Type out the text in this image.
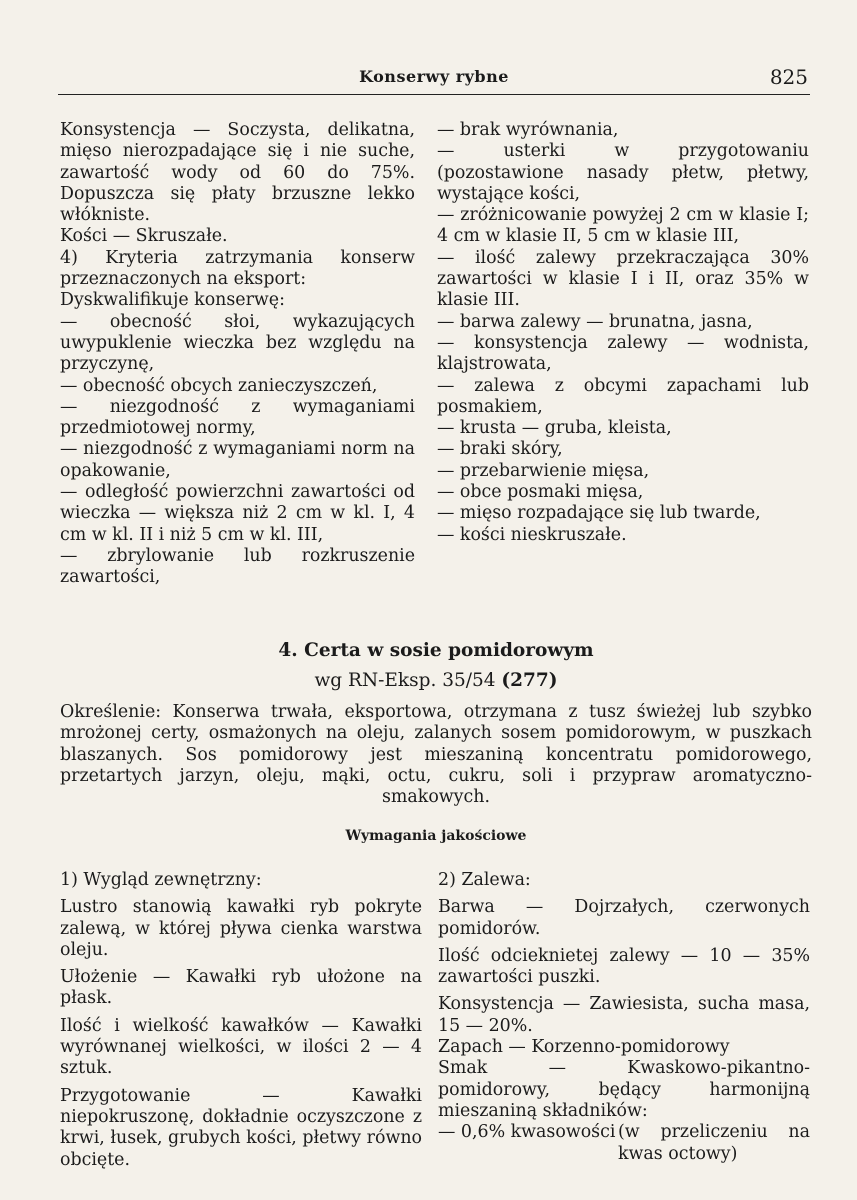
Konserwy rybne	825

Konsystencja — Soczysta, delikatna, mięso nierozpadające się i nie suche, zawartość wody od 60 do 75%. Dopuszcza się płaty brzuszne lekko włókniste.

Kości — Skruszałe.

4) Kryteria zatrzymania konserw przeznaczonych na eksport:

Dyskwalifikuje konserwę:

— obecność słoi, wykazujących uwypuklenie wieczka bez względu na przyczynę,

— obecność obcych zanieczyszczeń,

— niezgodność z wymaganiami przedmiotowej normy,

— niezgodność z wymaganiami norm na opakowanie,

— odległość powierzchni zawartości od wieczka — większa niż 2 cm w kl. I, 4 cm w kl. II i niż 5 cm w kl. III,

— zbrylowanie lub rozkruszenie zawartości,

— brak wyrównania,

— usterki w przygotowaniu (pozostawione nasady płetw, płetwy, wystające kości,

— zróżnicowanie powyżej 2 cm w klasie I; 4 cm w klasie II, 5 cm w klasie III,

— ilość zalewy przekraczająca 30% zawartości w klasie I i II, oraz 35% w klasie III.

— barwa zalewy — brunatna, jasna,

— konsystencja zalewy — wodnista, klajstrowata,

— zalewa z obcymi zapachami lub posmakiem,

— krusta — gruba, kleista,

— braki skóry,

— przebarwienie mięsa,

— obce posmaki mięsa,

— mięso rozpadające się lub twarde,

— kości nieskruszałe.

4. Certa w sosie pomidorowym
wg RN-Eksp. 35/54 (277)

Określenie: Konserwa trwała, eksportowa, otrzymana z tusz świeżej lub szybko mrożonej certy, osmażonych na oleju, zalanych sosem pomidorowym, w puszkach blaszanych. Sos pomidorowy jest mieszaniną koncentratu pomidorowego, przetartych jarzyn, oleju, mąki, octu, cukru, soli i przypraw aromatyczno-smakowych.

Wymagania jakościowe

1) Wygląd zewnętrzny:

Lustro stanowią kawałki ryb pokryte zalewą, w której pływa cienka warstwa oleju.

Ułożenie — Kawałki ryb ułożone na płask.

Ilość i wielkość kawałków — Kawałki wyrównanej wielkości, w ilości 2 — 4 sztuk.

Przygotowanie — Kawałki niepokruszonę, dokładnie oczyszczone z krwi, łusek, grubych kości, płetwy równo obcięte.

2) Zalewa:

Barwa — Dojrzałych, czerwonych pomidorów.

Ilość odcieknietej zalewy — 10 — 35% zawartości puszki.

Konsystencja — Zawiesista, sucha masa, 15 — 20%.

Zapach — Korzenno-pomidorowy

Smak — Kwaskowo-pikantno-pomidorowy, będący harmonijną mieszaniną składników:

— 0,6% kwasowości (w przeliczeniu na kwas octowy)
